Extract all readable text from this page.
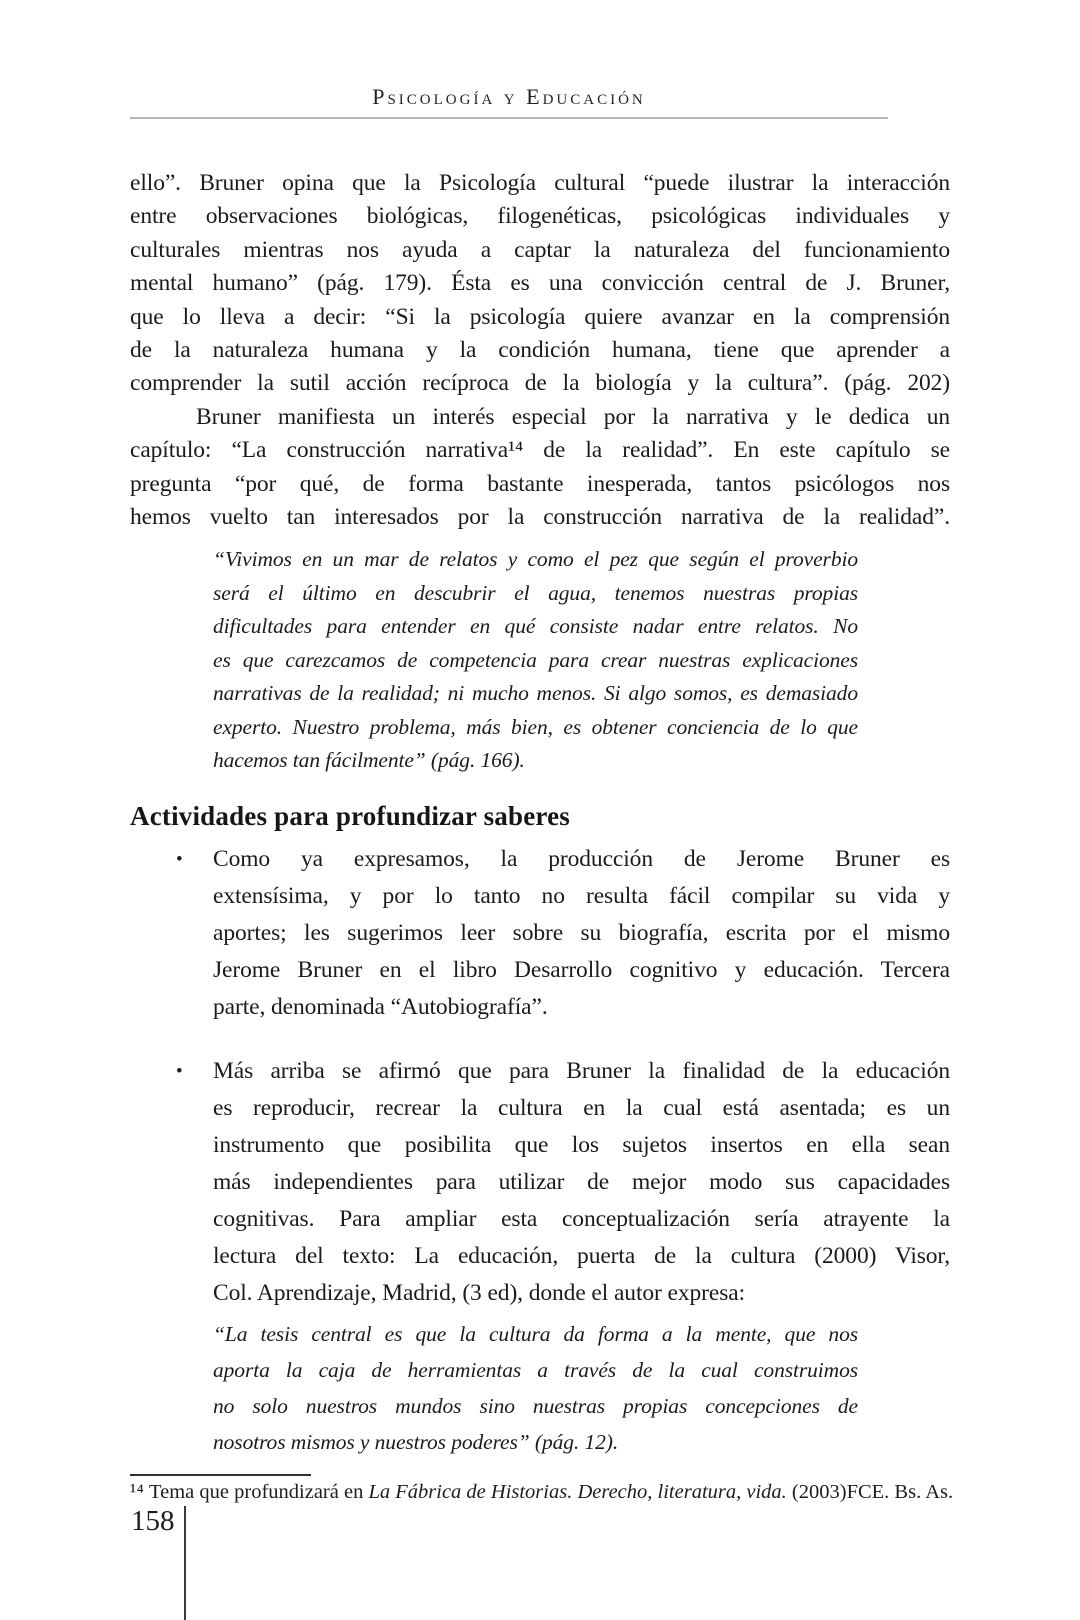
Psicología y Educación
ello”. Bruner opina que la Psicología cultural “puede ilustrar la interacción
entre observaciones biológicas, filogenéticas, psicológicas individuales y
culturales mientras nos ayuda a captar la naturaleza del funcionamiento
mental humano” (pág. 179). Ésta es una convicción central de J. Bruner,
que lo lleva a decir: “Si la psicología quiere avanzar en la comprensión
de la naturaleza humana y la condición humana, tiene que aprender a
comprender la sutil acción recíproca de la biología y la cultura”. (pág. 202)
Bruner manifiesta un interés especial por la narrativa y le dedica un
capítulo: “La construcción narrativa¹⁴ de la realidad”. En este capítulo se
pregunta “por qué, de forma bastante inesperada, tantos psicólogos nos
hemos vuelto tan interesados por la construcción narrativa de la realidad”.
“Vivimos en un mar de relatos y como el pez que según el proverbio
será el último en descubrir el agua, tenemos nuestras propias
dificultades para entender en qué consiste nadar entre relatos. No
es que carezcamos de competencia para crear nuestras explicaciones
narrativas de la realidad; ni mucho menos. Si algo somos, es demasiado
experto. Nuestro problema, más bien, es obtener conciencia de lo que
hacemos tan fácilmente” (pág. 166).
Actividades para profundizar saberes
• Como ya expresamos, la producción de Jerome Bruner es
extensísima, y por lo tanto no resulta fácil compilar su vida y
aportes; les sugerimos leer sobre su biografía, escrita por el mismo
Jerome Bruner en el libro Desarrollo cognitivo y educación. Tercera
parte, denominada “Autobiografía”.
• Más arriba se afirmó que para Bruner la finalidad de la educación
es reproducir, recrear la cultura en la cual está asentada; es un
instrumento que posibilita que los sujetos insertos en ella sean
más independientes para utilizar de mejor modo sus capacidades
cognitivas. Para ampliar esta conceptualización sería atrayente la
lectura del texto: La educación, puerta de la cultura (2000) Visor,
Col. Aprendizaje, Madrid, (3 ed), donde el autor expresa:
“La tesis central es que la cultura da forma a la mente, que nos
aporta la caja de herramientas a través de la cual construimos
no solo nuestros mundos sino nuestras propias concepciones de
nosotros mismos y nuestros poderes” (pág. 12).
¹⁴ Tema que profundizará en La Fábrica de Historias. Derecho, literatura, vida. (2003)FCE. Bs. As.
158
